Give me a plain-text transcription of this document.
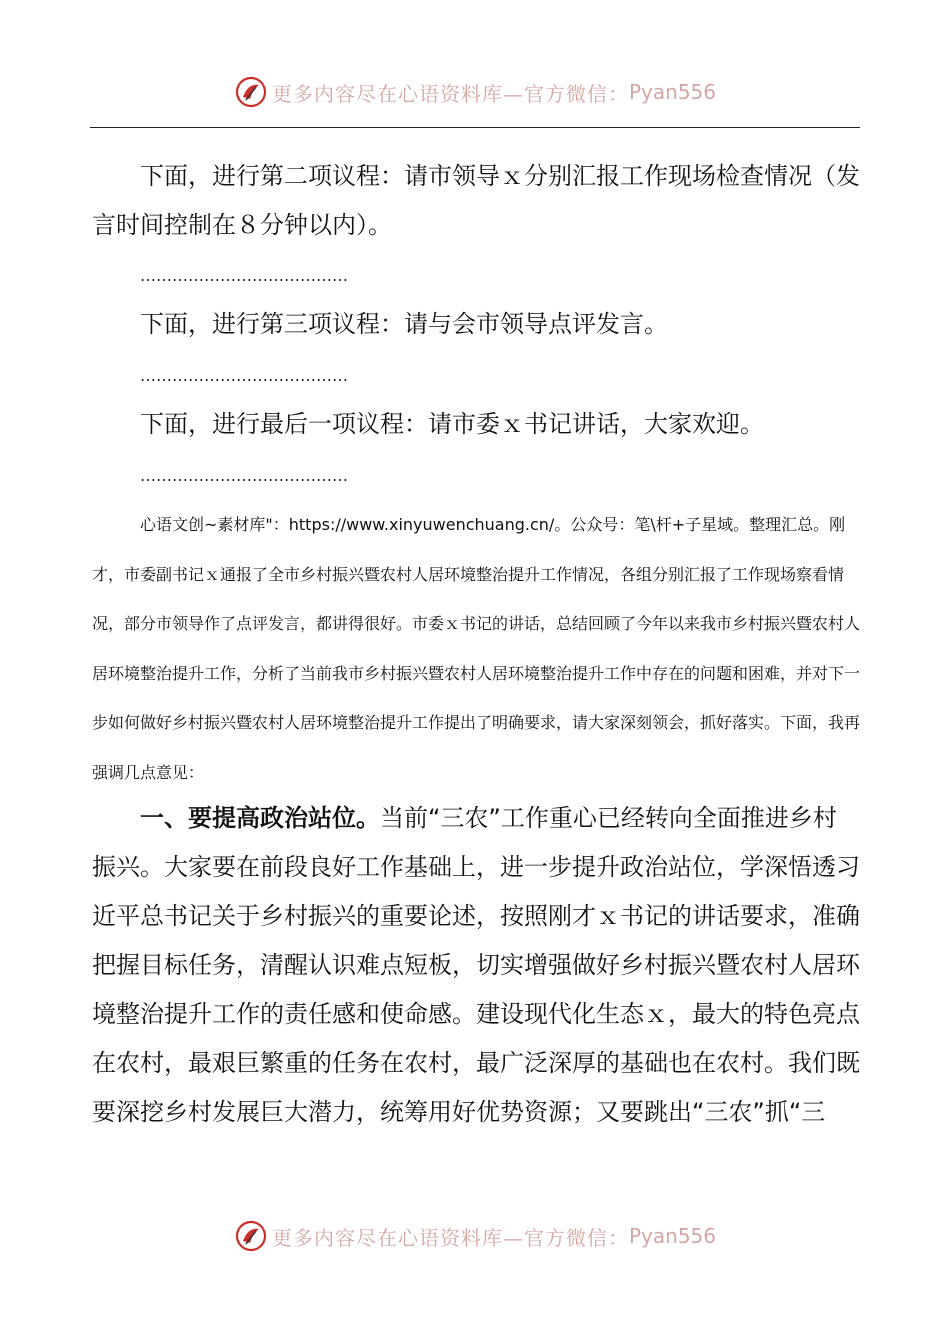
更多内容尽在心语资料库—官方微信： Pyan556
下面，进行第二项议程：请市领导ｘ分别汇报工作现场检查情况（发言时间控制在８分钟以内）。
…………………………………
下面，进行第三项议程：请与会市领导点评发言。
…………………………………
下面，进行最后一项议程：请市委ｘ书记讲话，大家欢迎。
…………………………………
心语文创~素材库"：https://www.xinyuwenchuang.cn/。公众号：笔\杆+子星域。整理汇总。刚才，市委副书记ｘ通报了全市乡村振兴暨农村人居环境整治提升工作情况，各组分别汇报了工作现场察看情况，部分市领导作了点评发言，都讲得很好。市委ｘ书记的讲话，总结回顾了今年以来我市乡村振兴暨农村人居环境整治提升工作，分析了当前我市乡村振兴暨农村人居环境整治提升工作中存在的问题和困难，并对下一步如何做好乡村振兴暨农村人居环境整治提升工作提出了明确要求，请大家深刻领会，抓好落实。下面，我再强调几点意见：
一、要提高政治站位。当前“三农”工作重心已经转向全面推进乡村振兴。大家要在前段良好工作基础上，进一步提升政治站位，学深悟透习近平总书记关于乡村振兴的重要论述，按照刚才ｘ书记的讲话要求，准确把握目标任务，清醒认识难点短板，切实增强做好乡村振兴暨农村人居环境整治提升工作的责任感和使命感。建设现代化生态ｘ，最大的特色亮点在农村，最艰巨繁重的任务在农村，最广泛深厚的基础也在农村。我们既要深挖乡村发展巨大潜力，统筹用好优势资源；又要跳出“三农”抓“三
更多内容尽在心语资料库—官方微信： Pyan556
